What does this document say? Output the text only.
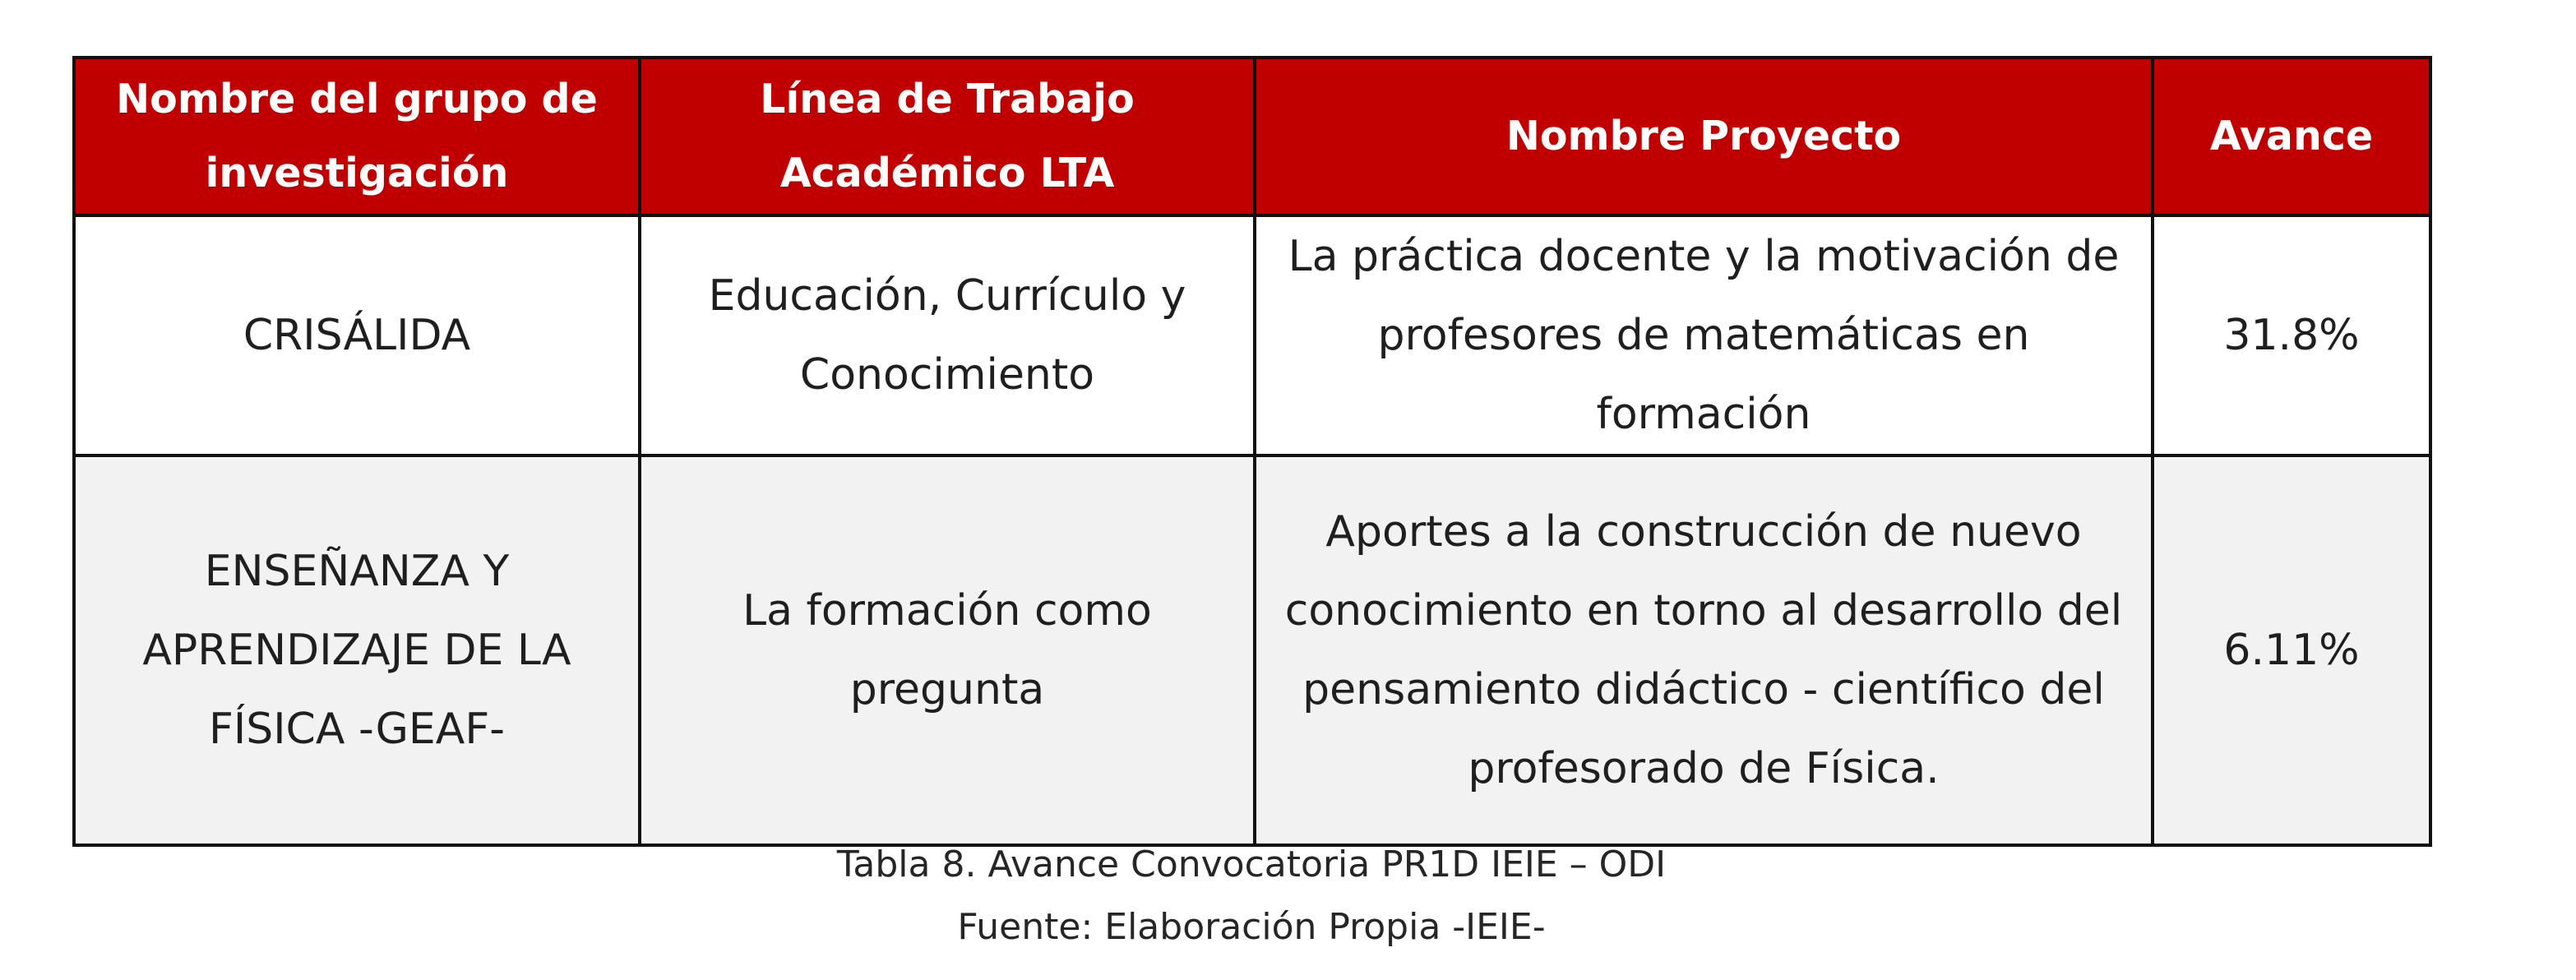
Nombre del grupo de investigación	Línea de Trabajo Académico LTA	Nombre Proyecto	Avance
CRISÁLIDA	Educación, Currículo y Conocimiento	La práctica docente y la motivación de profesores de matemáticas en formación	31.8%
ENSEÑANZA Y APRENDIZAJE DE LA FÍSICA -GEAF-	La formación como pregunta	Aportes a la construcción de nuevo conocimiento en torno al desarrollo del pensamiento didáctico - científico del profesorado de Física.	6.11%
Tabla 8. Avance Convocatoria PR1D IEIE – ODI
Fuente: Elaboración Propia -IEIE-
